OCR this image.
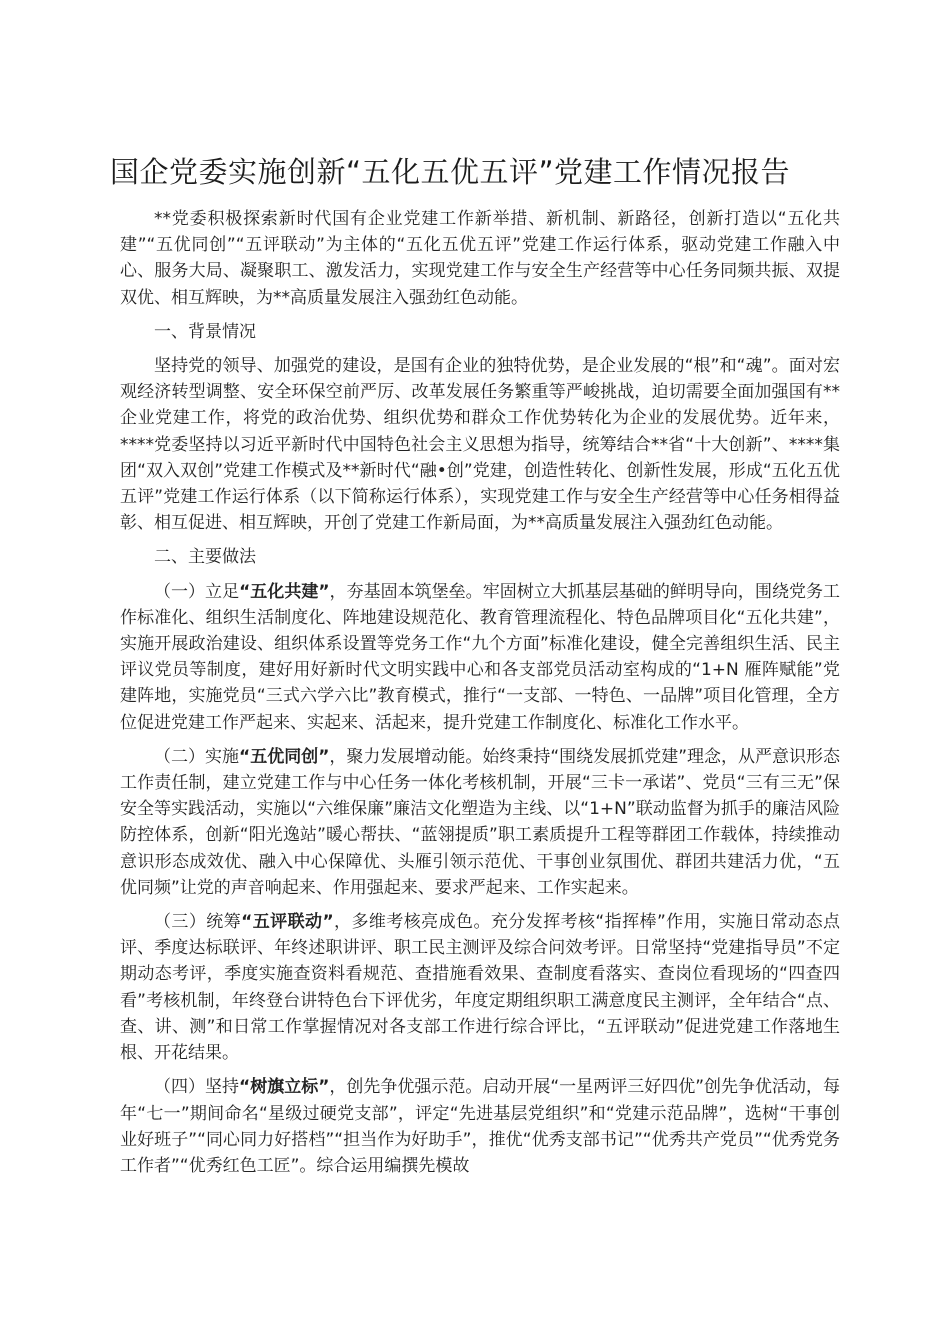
国企党委实施创新“五化五优五评”党建工作情况报告

**党委积极探索新时代国有企业党建工作新举措、新机制、新路径，创新打造以“五化共建”“五优同创”“五评联动”为主体的“五化五优五评”党建工作运行体系，驱动党建工作融入中心、服务大局、凝聚职工、激发活力，实现党建工作与安全生产经营等中心任务同频共振、双提双优、相互辉映，为**高质量发展注入强劲红色动能。

一、背景情况

坚持党的领导、加强党的建设，是国有企业的独特优势，是企业发展的“根”和“魂”。面对宏观经济转型调整、安全环保空前严厉、改革发展任务繁重等严峻挑战，迫切需要全面加强国有**企业党建工作，将党的政治优势、组织优势和群众工作优势转化为企业的发展优势。近年来，****党委坚持以习近平新时代中国特色社会主义思想为指导，统筹结合**省“十大创新”、****集团“双入双创”党建工作模式及**新时代“融•创”党建，创造性转化、创新性发展，形成“五化五优五评”党建工作运行体系（以下简称运行体系），实现党建工作与安全生产经营等中心任务相得益彰、相互促进、相互辉映，开创了党建工作新局面，为**高质量发展注入强劲红色动能。

二、主要做法

（一）立足“五化共建”，夯基固本筑堡垒。牢固树立大抓基层基础的鲜明导向，围绕党务工作标准化、组织生活制度化、阵地建设规范化、教育管理流程化、特色品牌项目化“五化共建”，实施开展政治建设、组织体系设置等党务工作“九个方面”标准化建设，健全完善组织生活、民主评议党员等制度，建好用好新时代文明实践中心和各支部党员活动室构成的“1+N 雁阵赋能”党建阵地，实施党员“三式六学六比”教育模式，推行“一支部、一特色、一品牌”项目化管理，全方位促进党建工作严起来、实起来、活起来，提升党建工作制度化、标准化工作水平。

（二）实施“五优同创”，聚力发展增动能。始终秉持“围绕发展抓党建”理念，从严意识形态工作责任制，建立党建工作与中心任务一体化考核机制，开展“三卡一承诺”、党员“三有三无”保安全等实践活动，实施以“六维保廉”廉洁文化塑造为主线、以“1+N”联动监督为抓手的廉洁风险防控体系，创新“阳光逸站”暖心帮扶、“蓝翎提质”职工素质提升工程等群团工作载体，持续推动意识形态成效优、融入中心保障优、头雁引领示范优、干事创业氛围优、群团共建活力优，“五优同频”让党的声音响起来、作用强起来、要求严起来、工作实起来。

（三）统筹“五评联动”，多维考核亮成色。充分发挥考核“指挥棒”作用，实施日常动态点评、季度达标联评、年终述职讲评、职工民主测评及综合问效考评。日常坚持“党建指导员”不定期动态考评，季度实施查资料看规范、查措施看效果、查制度看落实、查岗位看现场的“四查四看”考核机制，年终登台讲特色台下评优劣，年度定期组织职工满意度民主测评，全年结合“点、查、讲、测”和日常工作掌握情况对各支部工作进行综合评比，“五评联动”促进党建工作落地生根、开花结果。

（四）坚持“树旗立标”，创先争优强示范。启动开展“一星两评三好四优”创先争优活动，每年“七一”期间命名“星级过硬党支部”，评定“先进基层党组织”和“党建示范品牌”，选树“干事创业好班子”“同心同力好搭档”“担当作为好助手”，推优“优秀支部书记”“优秀共产党员”“优秀党务工作者”“优秀红色工匠”。综合运用编撰先模故
